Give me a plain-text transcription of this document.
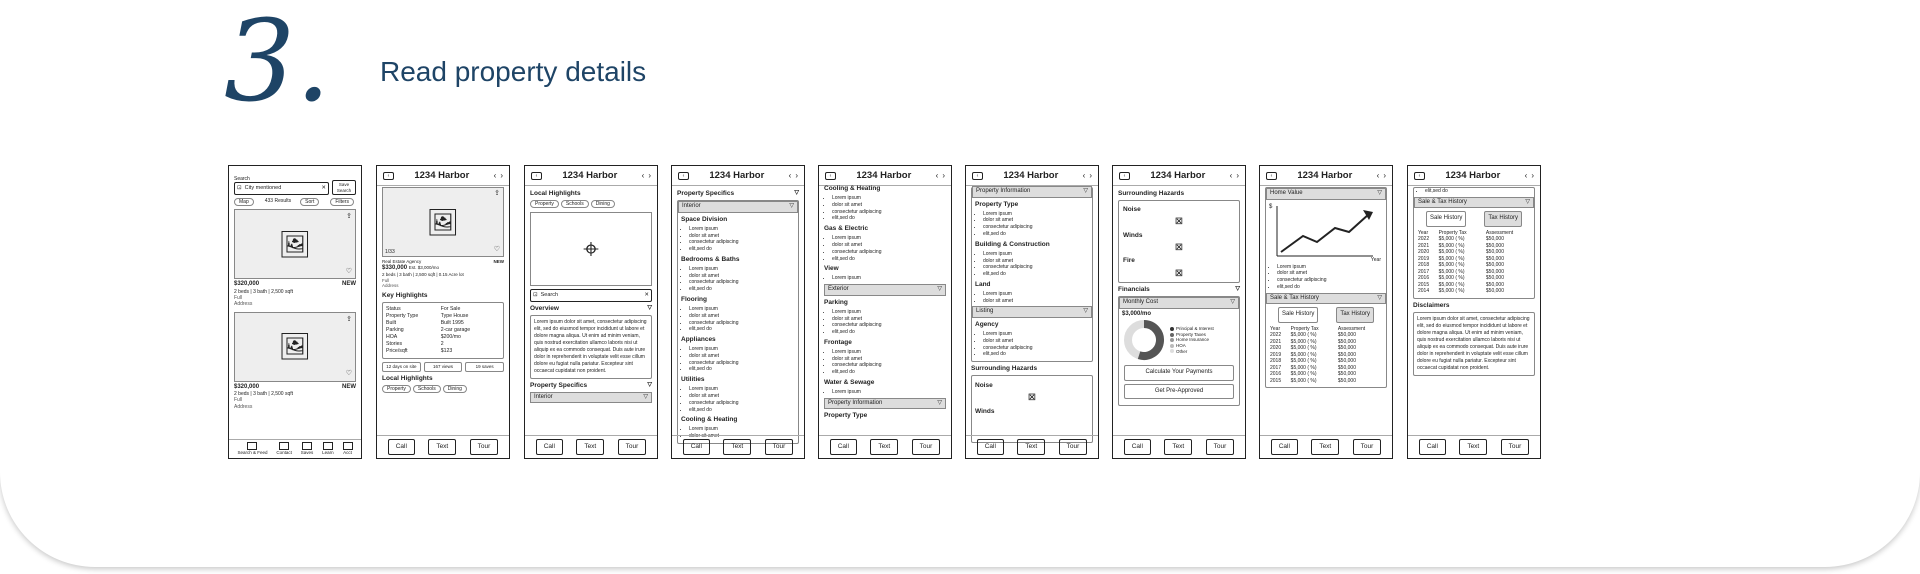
3. Read property details
Search
⊡ City mentioned	✕
Save Search
Map	433 Results	Sort	Filters
🖼
⇪
♡
$320,000	NEW
2 beds | 3 bath | 2,500 sqft
Full
Address
🖼
⇪
♡
$320,000	NEW
2 beds | 3 bath | 2,500 sqft
Full
Address
Search & Feed Contact Saves Learn Acct
‹	1234 Harbor	‹ ›
🖼
1/33
⇪
♡
Real Estate Agency	NEW
$330,000 Est. $3,000/mo
2 beds | 3 bath | 2,500 sqft | 0.15 Acre lot
Full
Address
Key Highlights
Status	For Sale
Property Type	Type House
Built	Built 1995
Parking	2-car garage
HOA	$200/mo
Stories	2
Price/sqft	$123
12 days on site	167 views	19 saves
Local Highlights
Property Schools Dining
Call	Text	Tour
‹	1234 Harbor	‹ ›
Local Highlights
Property Schools Dining
⌖
⊡ Search	✕
Overview	▽
Lorem ipsum dolor sit amet, consectetur adipiscing elit, sed do eiusmod tempor incididunt ut labore et dolore magna aliqua. Ut enim ad minim veniam, quis nostrud exercitation ullamco laboris nisi ut aliquip ex ea commodo consequat. Duis aute irure dolor in reprehenderit in voluptate velit esse cillum dolore eu fugiat nulla pariatur. Excepteur sint occaecat cupidatat non proident.
Property Specifics	▽
Interior	▽
Call	Text	Tour
‹	1234 Harbor	‹ ›
Property Specifics	▽
Interior	▽
Space Division
• Lorem ipsum
• dolor sit amet
• consectetur adipiscing
• elit,sed do
Bedrooms & Baths
• Lorem ipsum
• dolor sit amet
• consectetur adipiscing
• elit,sed do
Flooring
• Lorem ipsum
• dolor sit amet
• consectetur adipiscing
• elit,sed do
Appliances
• Lorem ipsum
• dolor sit amet
• consectetur adipiscing
• elit,sed do
Utilities
• Lorem ipsum
• dolor sit amet
• consectetur adipiscing
• elit,sed do
Cooling & Heating
• Lorem ipsum
• dolor sit amet
Call	Text	Tour
‹	1234 Harbor	‹ ›
Cooling & Heating
• Lorem ipsum
• dolor sit amet
• consectetur adipiscing
• elit,sed do
Gas & Electric
• Lorem ipsum
• dolor sit amet
• consectetur adipiscing
• elit,sed do
View
• Lorem ipsum
Exterior	▽
Parking
• Lorem ipsum
• dolor sit amet
• consectetur adipiscing
• elit,sed do
Frontage
• Lorem ipsum
• dolor sit amet
• consectetur adipiscing
• elit,sed do
Water & Sewage
• Lorem ipsum
Property Information	▽
Property Type
Call	Text	Tour
‹	1234 Harbor	‹ ›
Property Information	▽
Property Type
• Lorem ipsum
• dolor sit amet
• consectetur adipiscing
• elit,sed do
Building & Construction
• Lorem ipsum
• dolor sit amet
• consectetur adipiscing
• elit,sed do
Land
• Lorem ipsum
• dolor sit amet
Listing	▽
Agency
• Lorem ipsum
• dolor sit amet
• consectetur adipiscing
• elit,sed do
Surrounding Hazards
Noise
⊠
Winds
Call	Text	Tour
‹	1234 Harbor	‹ ›
Surrounding Hazards
Noise
⊠
Winds
⊠
Fire
⊠
Financials	▽
Monthly Cost	▽
$3,000/mo
Principal & Interest
Property Taxes
Home Insurance
HOA
Other
Calculate Your Payments
Get Pre-Approved
Call	Text	Tour
‹	1234 Harbor	‹ ›
Home Value	▽
$
Year
• Lorem ipsum
• dolor sit amet
• consectetur adipiscing
• elit,sed do
Sale & Tax History	▽
Sale History	Tax History
Year	Property Tax	Assessment
2022	$5,000 ( %)	$50,000
2021	$5,000 ( %)	$50,000
2020	$5,000 ( %)	$50,000
2019	$5,000 ( %)	$50,000
2018	$5,000 ( %)	$50,000
2017	$5,000 ( %)	$50,000
2016	$5,000 ( %)	$50,000
2015	$5,000 ( %)	$50,000
Call	Text	Tour
‹	1234 Harbor	‹ ›
• elit,sed do
Sale & Tax History	▽
Sale History	Tax History
Year	Property Tax	Assessment
2022	$5,000 ( %)	$50,000
2021	$5,000 ( %)	$50,000
2020	$5,000 ( %)	$50,000
2019	$5,000 ( %)	$50,000
2018	$5,000 ( %)	$50,000
2017	$5,000 ( %)	$50,000
2016	$5,000 ( %)	$50,000
2015	$5,000 ( %)	$50,000
2014	$5,000 ( %)	$50,000
Disclaimers
Lorem ipsum dolor sit amet, consectetur adipiscing elit, sed do eiusmod tempor incididunt ut labore et dolore magna aliqua. Ut enim ad minim veniam, quis nostrud exercitation ullamco laboris nisi ut aliquip ex ea commodo consequat. Duis aute irure dolor in reprehenderit in voluptate velit esse cillum dolore eu fugiat nulla pariatur. Excepteur sint occaecat cupidatat non proident.
Call	Text	Tour
